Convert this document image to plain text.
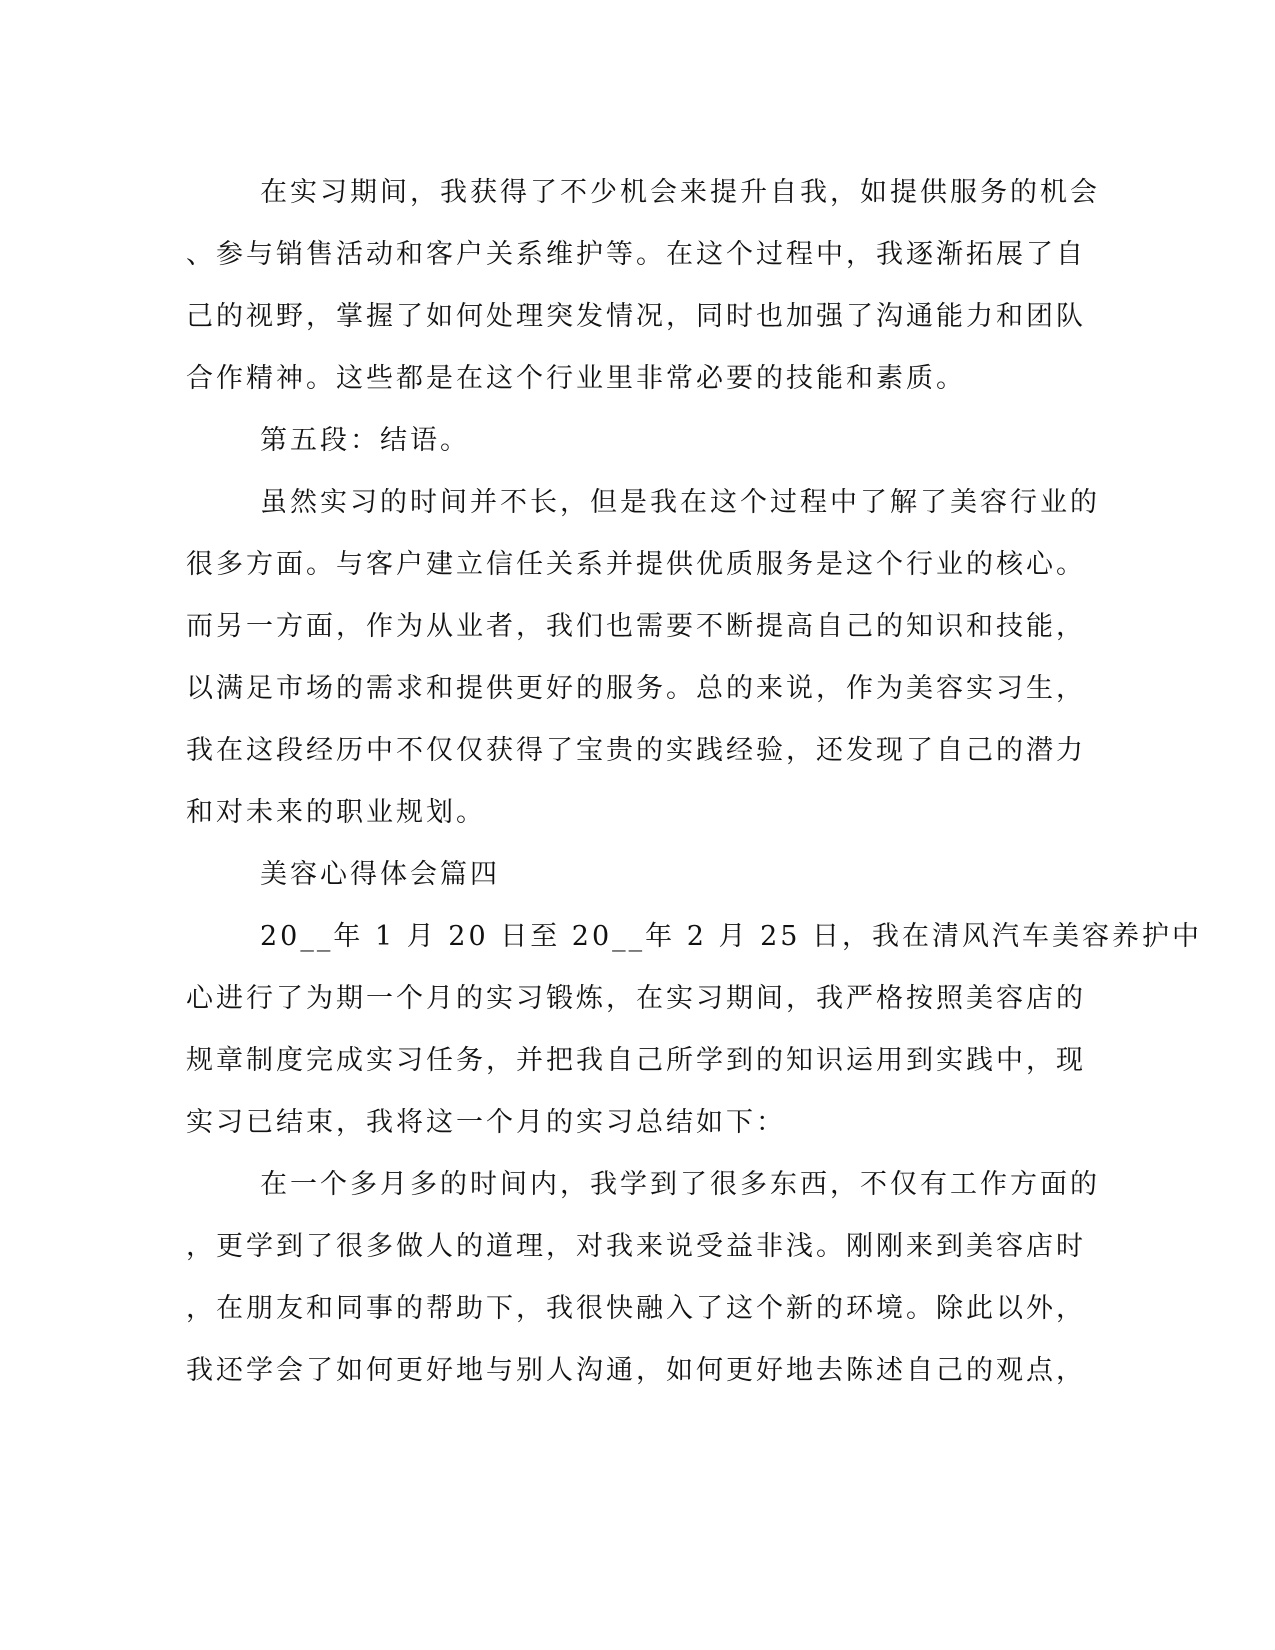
在实习期间，我获得了不少机会来提升自我，如提供服务的机会
、参与销售活动和客户关系维护等。在这个过程中，我逐渐拓展了自
己的视野，掌握了如何处理突发情况，同时也加强了沟通能力和团队
合作精神。这些都是在这个行业里非常必要的技能和素质。
第五段：结语。
虽然实习的时间并不长，但是我在这个过程中了解了美容行业的
很多方面。与客户建立信任关系并提供优质服务是这个行业的核心。
而另一方面，作为从业者，我们也需要不断提高自己的知识和技能，
以满足市场的需求和提供更好的服务。总的来说，作为美容实习生，
我在这段经历中不仅仅获得了宝贵的实践经验，还发现了自己的潜力
和对未来的职业规划。
美容心得体会篇四
20__年 1 月 20 日至 20__年 2 月 25 日，我在清风汽车美容养护中
心进行了为期一个月的实习锻炼，在实习期间，我严格按照美容店的
规章制度完成实习任务，并把我自己所学到的知识运用到实践中，现
实习已结束，我将这一个月的实习总结如下：
在一个多月多的时间内，我学到了很多东西，不仅有工作方面的
，更学到了很多做人的道理，对我来说受益非浅。刚刚来到美容店时
，在朋友和同事的帮助下，我很快融入了这个新的环境。除此以外，
我还学会了如何更好地与别人沟通，如何更好地去陈述自己的观点，
